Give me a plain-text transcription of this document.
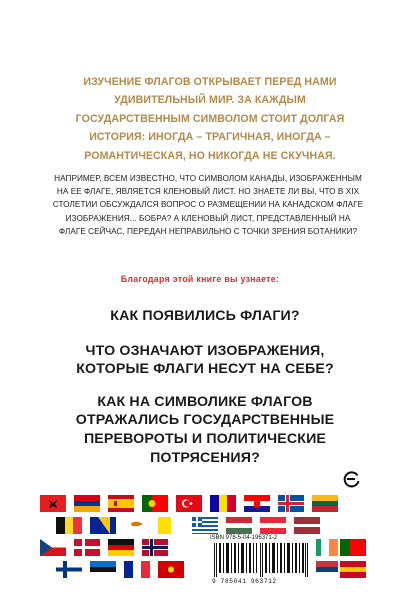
ИЗУЧЕНИЕ ФЛАГОВ ОТКРЫВАЕТ ПЕРЕД НАМИ УДИВИТЕЛЬНЫЙ МИР. ЗА КАЖДЫМ ГОСУДАРСТВЕННЫМ СИМВОЛОМ СТОИТ ДОЛГАЯ ИСТОРИЯ: ИНОГДА – ТРАГИЧНАЯ, ИНОГДА – РОМАНТИЧЕСКАЯ, НО НИКОГДА НЕ СКУЧНАЯ.
НАПРИМЕР, ВСЕМ ИЗВЕСТНО, ЧТО СИМВОЛОМ КАНАДЫ, ИЗОБРАЖЕННЫМ НА ЕЕ ФЛАГЕ, ЯВЛЯЕТСЯ КЛЕНОВЫЙ ЛИСТ. НО ЗНАЕТЕ ЛИ ВЫ, ЧТО В XIX СТОЛЕТИИ ОБСУЖДАЛСЯ ВОПРОС О РАЗМЕЩЕНИИ НА КАНАДСКОМ ФЛАГЕ ИЗОБРАЖЕНИЯ... БОБРА? А КЛЕНОВЫЙ ЛИСТ, ПРЕДСТАВЛЕННЫЙ НА ФЛАГЕ СЕЙЧАС, ПЕРЕДАН НЕПРАВИЛЬНО С ТОЧКИ ЗРЕНИЯ БОТАНИКИ?
Благодаря этой книге вы узнаете:
КАК ПОЯВИЛИСЬ ФЛАГИ?
ЧТО ОЗНАЧАЮТ ИЗОБРАЖЕНИЯ, КОТОРЫЕ ФЛАГИ НЕСУТ НА СЕБЕ?
КАК НА СИМВОЛИКЕ ФЛАГОВ ОТРАЖАЛИСЬ ГОСУДАРСТВЕННЫЕ ПЕРЕВОРОТЫ И ПОЛИТИЧЕСКИЕ ПОТРЯСЕНИЯ?
ISBN 978-5-04-196371-2
9 785041 963712
